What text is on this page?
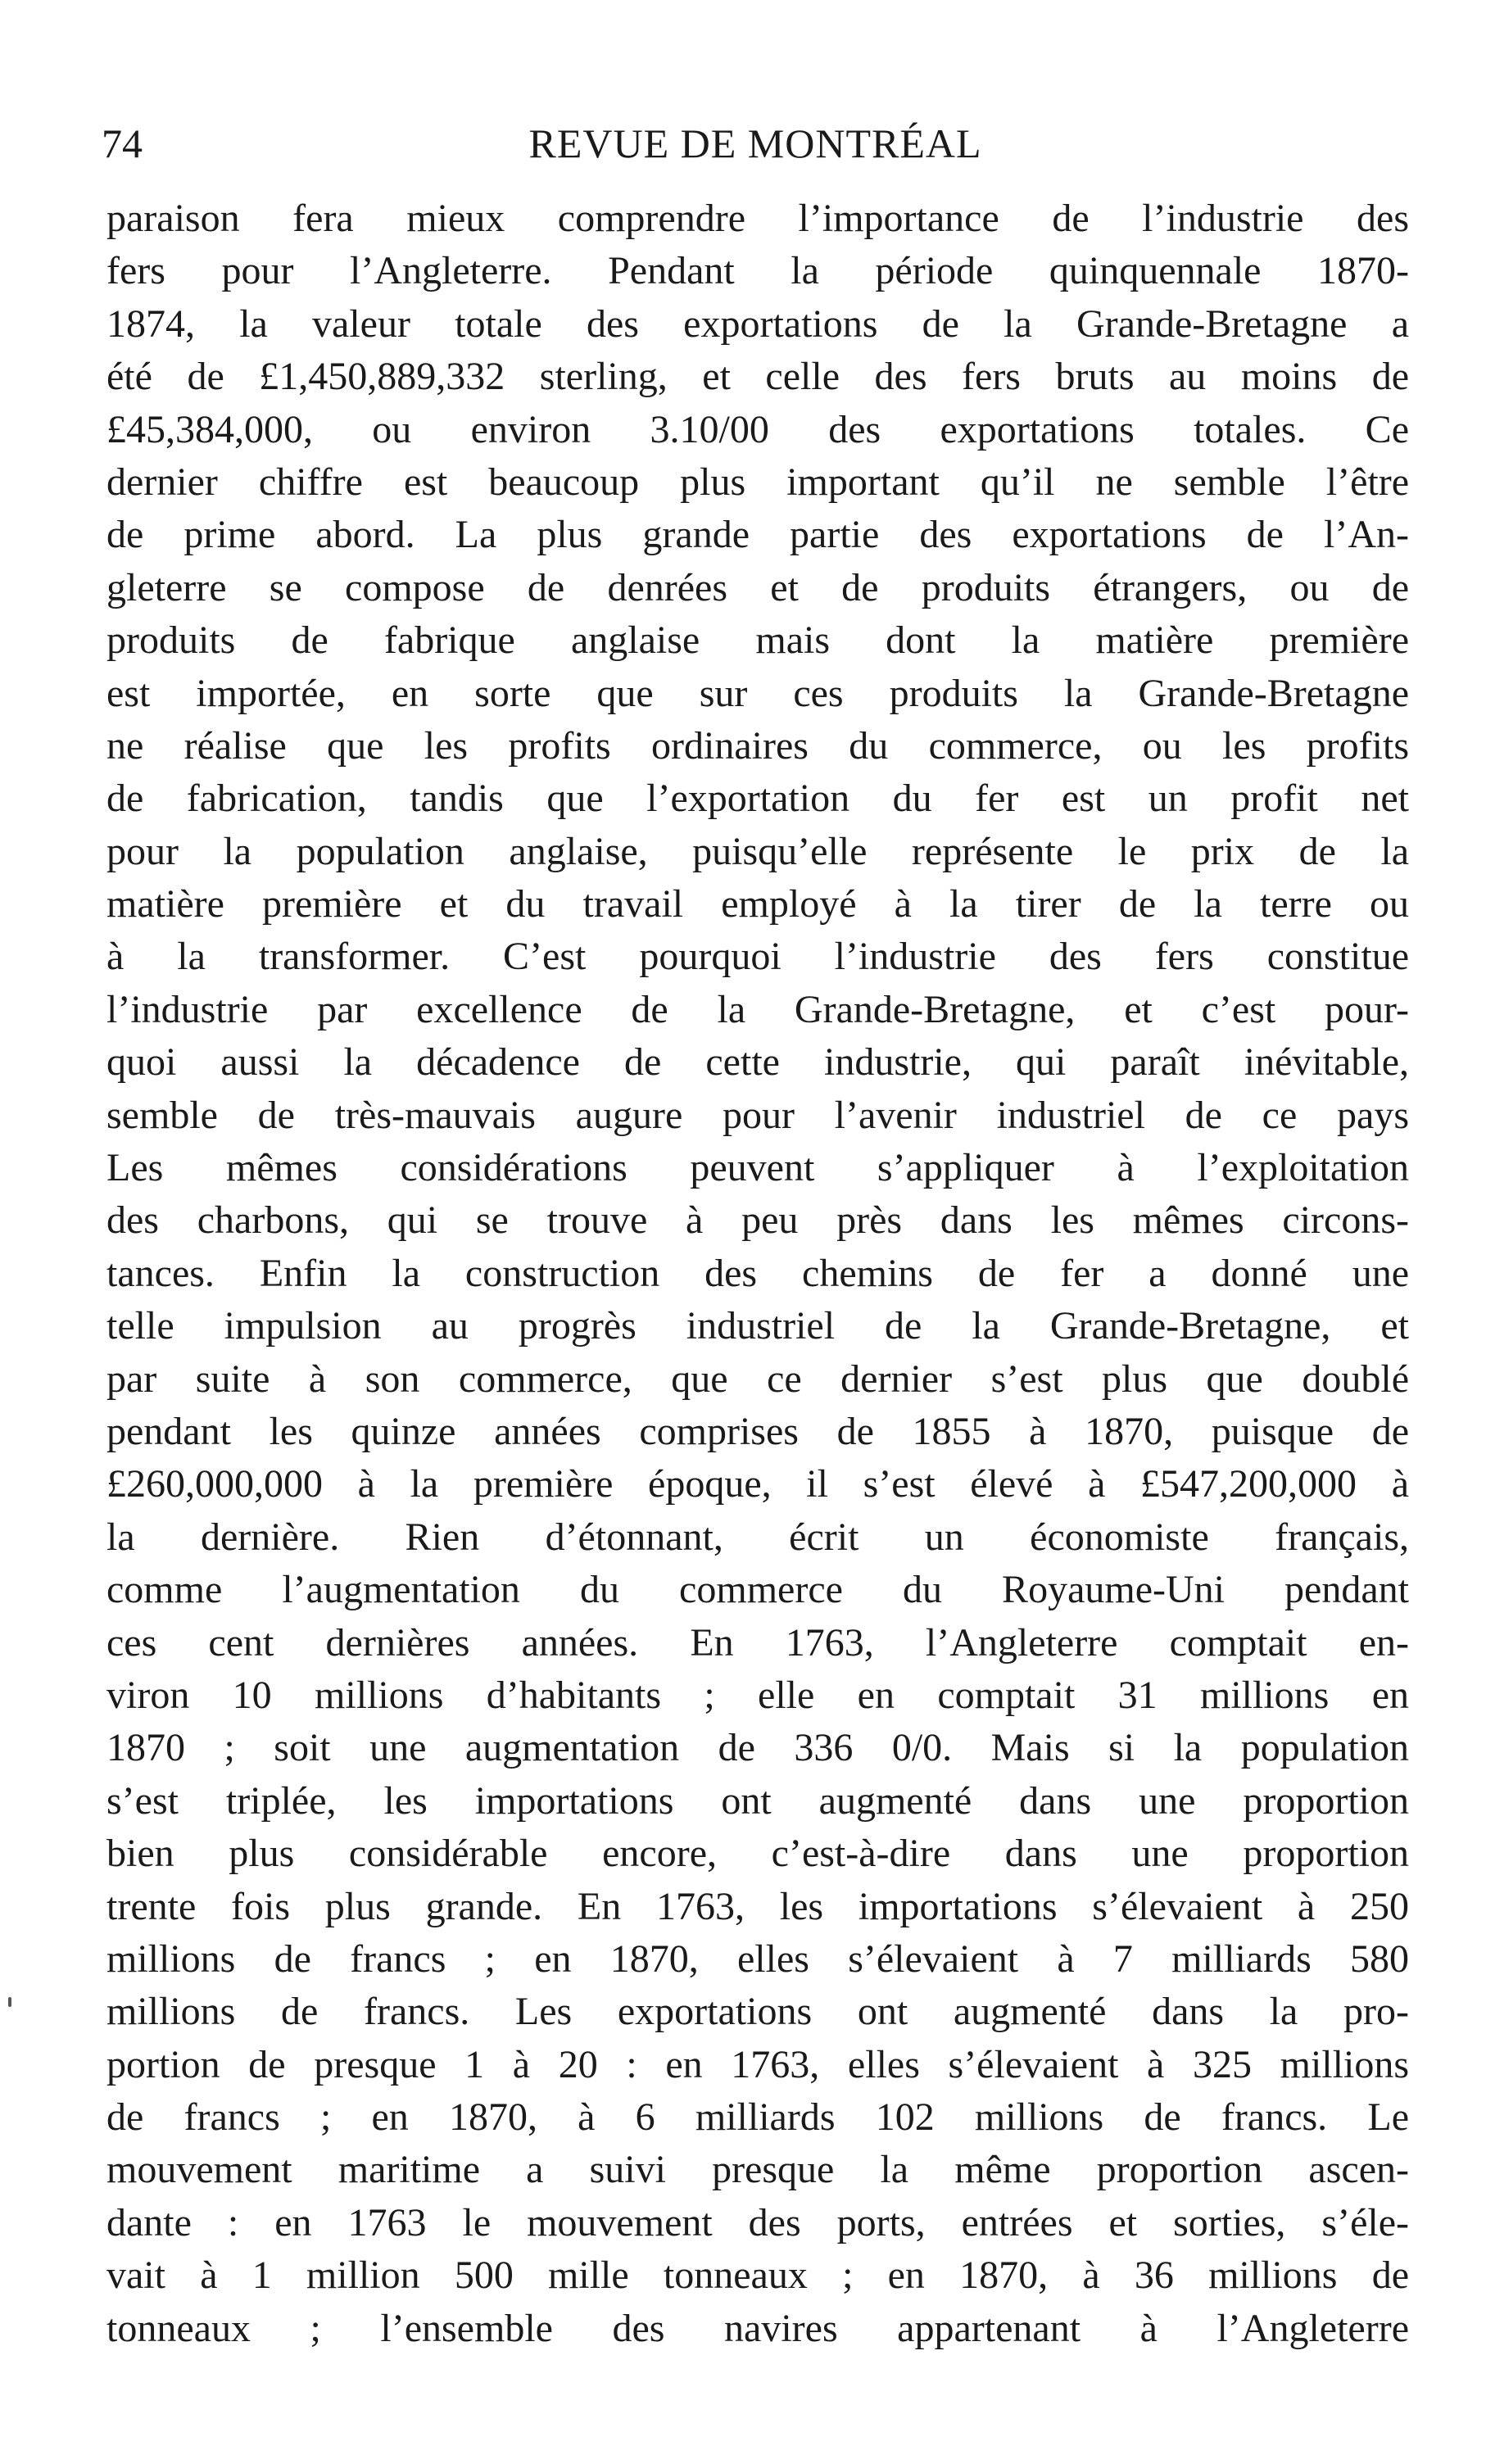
74	REVUE DE MONTRÉAL
paraison fera mieux comprendre l’importance de l’industrie des
fers pour l’Angleterre. Pendant la période quinquennale 1870-
1874, la valeur totale des exportations de la Grande-Bretagne a
été de £1,450,889,332 sterling, et celle des fers bruts au moins de
£45,384,000, ou environ 3.10/00 des exportations totales. Ce
dernier chiffre est beaucoup plus important qu’il ne semble l’être
de prime abord. La plus grande partie des exportations de l’An-
gleterre se compose de denrées et de produits étrangers, ou de
produits de fabrique anglaise mais dont la matière première
est importée, en sorte que sur ces produits la Grande-Bretagne
ne réalise que les profits ordinaires du commerce, ou les profits
de fabrication, tandis que l’exportation du fer est un profit net
pour la population anglaise, puisqu’elle représente le prix de la
matière première et du travail employé à la tirer de la terre ou
à la transformer. C’est pourquoi l’industrie des fers constitue
l’industrie par excellence de la Grande-Bretagne, et c’est pour-
quoi aussi la décadence de cette industrie, qui paraît inévitable,
semble de très-mauvais augure pour l’avenir industriel de ce pays
Les mêmes considérations peuvent s’appliquer à l’exploitation
des charbons, qui se trouve à peu près dans les mêmes circons-
tances. Enfin la construction des chemins de fer a donné une
telle impulsion au progrès industriel de la Grande-Bretagne, et
par suite à son commerce, que ce dernier s’est plus que doublé
pendant les quinze années comprises de 1855 à 1870, puisque de
£260,000,000 à la première époque, il s’est élevé à £547,200,000 à
la dernière. Rien d’étonnant, écrit un économiste français,
comme l’augmentation du commerce du Royaume-Uni pendant
ces cent dernières années. En 1763, l’Angleterre comptait en-
viron 10 millions d’habitants ; elle en comptait 31 millions en
1870 ; soit une augmentation de 336 0/0. Mais si la population
s’est triplée, les importations ont augmenté dans une proportion
bien plus considérable encore, c’est-à-dire dans une proportion
trente fois plus grande. En 1763, les importations s’élevaient à 250
millions de francs ; en 1870, elles s’élevaient à 7 milliards 580
millions de francs. Les exportations ont augmenté dans la pro-
portion de presque 1 à 20 : en 1763, elles s’élevaient à 325 millions
de francs ; en 1870, à 6 milliards 102 millions de francs. Le
mouvement maritime a suivi presque la même proportion ascen-
dante : en 1763 le mouvement des ports, entrées et sorties, s’éle-
vait à 1 million 500 mille tonneaux ; en 1870, à 36 millions de
tonneaux ; l’ensemble des navires appartenant à l’Angleterre
